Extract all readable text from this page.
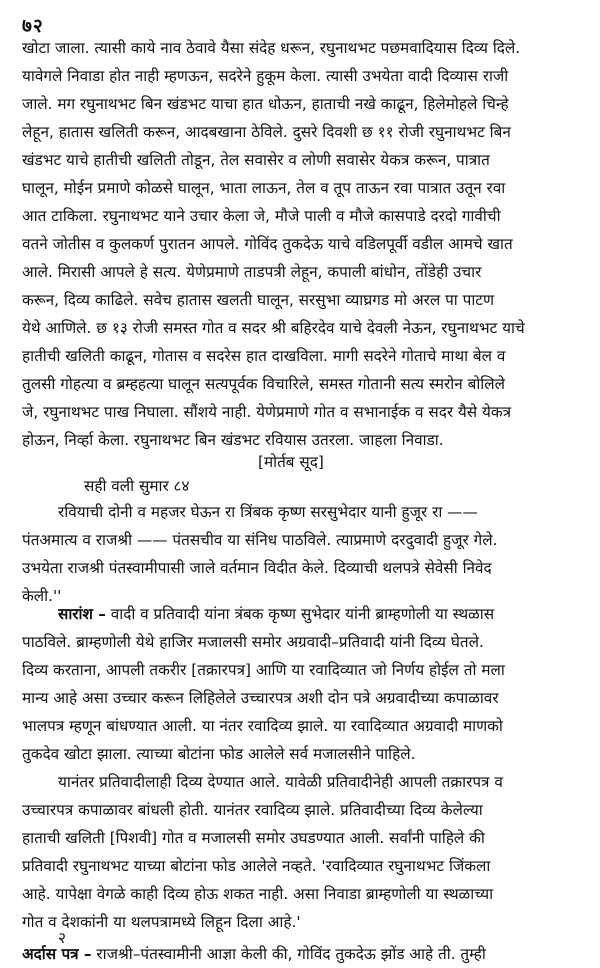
७२
खोटा जाला. त्यासी काये नाव ठेवावे यैसा संदेह धरून, रघुनाथभट पछमवादियास दिव्य दिले.
यावेगले निवाडा होत नाही म्हणऊन, सदरेने हुकूम केला. त्यासी उभयेता वादी दिव्यास राजी
जाले. मग रघुनाथभट बिन खंडभट याचा हात धोऊन, हाताची नखे काढून, हिलेमोहले चिन्हे
लेहून, हातास खलिती करून, आदबखाना ठेविले. दुसरे दिवशी छ ११ रोजी रघुनाथभट बिन
खंडभट याचे हातीची खलिती तोडून, तेल सवासेर व लोणी सवासेर येकत्र करून, पात्रात
घालून, मोईन प्रमाणे कोळसे घालून, भाता लाऊन, तेल व तूप ताऊन रवा पात्रात उतून रवा
आत टाकिला. रघुनाथभट याने उचार केला जे, मौजे पाली व मौजे कासपाडे दरदो गावीची
वतने जोतीस व कुलकर्ण पुरातन आपले. गोविंद तुकदेऊ याचे वडिलपूर्वी वडील आमचे खात
आले. मिरासी आपले हे सत्य. येणेप्रमाणे ताडपत्री लेहून, कपाली बांधोन, तोंडेही उचार
करून, दिव्य काढिले. सवेच हातास खलती घालून, सरसुभा व्याघ्रगड मो अरल पा पाटण
येथे आणिले. छ १३ रोजी समस्त गोत व सदर श्री बहिरदेव याचे देवली नेऊन, रघुनाथभट याचे
हातीची खलिती काढून, गोतास व सदरेस हात दाखविला. मागी सदरेने गोताचे माथा बेल व
तुलसी गोहत्या व ब्रम्हहत्या घालून सत्यपूर्वक विचारिले, समस्त गोतानी सत्य स्मरोन बोलिले
जे, रघुनाथभट पाख निघाला. सौंशये नाही. येणेप्रमाणे गोत व सभानाईक व सदर यैसे येकत्र
होऊन, निर्व्हा केला. रघुनाथभट बिन खंडभट रवियास उतरला. जाहला निवाडा.
[मोर्तब सूद]
सही वली सुमार ८४
रवियाची दोनी व महजर घेऊन रा त्रिंबक कृष्ण सरसुभेदार यानी हुजूर रा ——
पंतअमात्य व राजश्री —— पंतसचीव या संनिध पाठविले. त्याप्रमाणे दरदुवादी हुजूर गेले.
उभयेता राजश्री पंतस्वामीपासी जाले वर्तमान विदीत केले. दिव्याची थलपत्रे सेवेसी निवेद
केली.''
सारांश – वादी व प्रतिवादी यांना त्रंबक कृष्ण सुभेदार यांनी ब्राम्हणोली या स्थळास
पाठविले. ब्राम्हणोली येथे हाजिर मजालसी समोर अग्रवादी–प्रतिवादी यांनी दिव्य घेतले.
दिव्य करताना, आपली तकरीर [तक्रारपत्र] आणि या रवादिव्यात जो निर्णय होईल तो मला
मान्य आहे असा उच्चार करून लिहिलेले उच्चारपत्र अशी दोन पत्रे अग्रवादीच्या कपाळावर
भालपत्र म्हणून बांधण्यात आली. या नंतर रवादिव्य झाले. या रवादिव्यात अग्रवादी माणको
तुकदेव खोटा झाला. त्याच्या बोटांना फोड आलेले सर्व मजालसीने पाहिले.
यानंतर प्रतिवादीलाही दिव्य देण्यात आले. यावेळी प्रतिवादीनेही आपली तक्रारपत्र व
उच्चारपत्र कपाळावर बांधली होती. यानंतर रवादिव्य झाले. प्रतिवादीच्या दिव्य केलेल्या
हाताची खलिती [पिशवी] गोत व मजालसी समोर उघडण्यात आली. सर्वांनी पाहिले की
प्रतिवादी रघुनाथभट याच्या बोटांना फोड आलेले नव्हते. 'रवादिव्यात रघुनाथभट जिंकला
आहे. यापेक्षा वेगळे काही दिव्य होऊ शकत नाही. असा निवाडा ब्राम्हणोली या स्थळाच्या
गोत व देशकांनी या थलपत्रामध्ये लिहून दिला आहे.'
२
अर्दास पत्र – राजश्री–पंतस्वामीनी आज्ञा केली की, गोविंद तुकदेऊ झोंड आहे ती. तुम्ही
